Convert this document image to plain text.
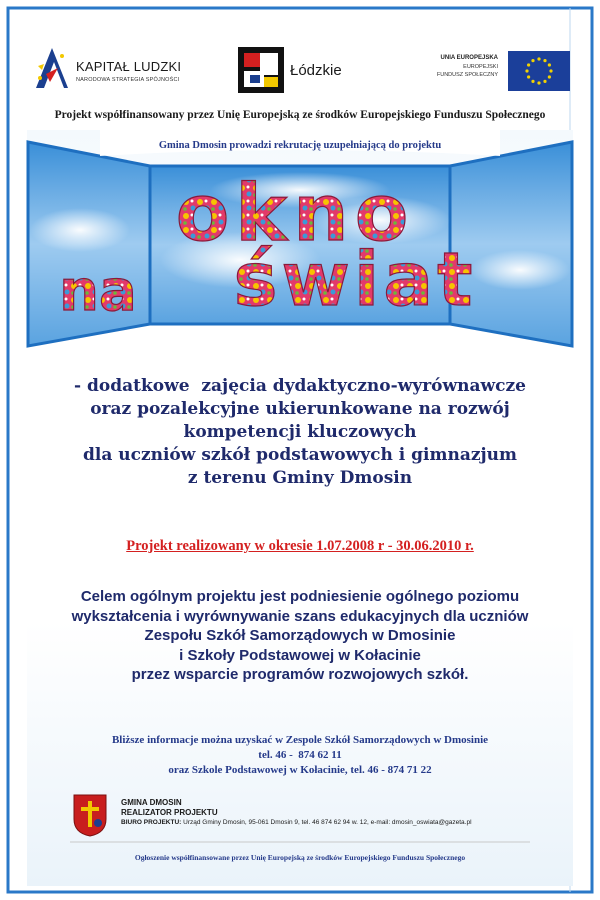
KAPITAŁ LUDZKI
NARODOWA STRATEGIA SPÓJNOŚCI
Łódzkie
UNIA EUROPEJSKA
EUROPEJSKI
FUNDUSZ SPOŁECZNY
Projekt współfinansowany przez Unię Europejską ze środków Europejskiego Funduszu Społecznego
Gmina Dmosin prowadzi rekrutację uzupełniającą do projektu
okno
na świat
- dodatkowe  zajęcia dydaktyczno-wyrównawcze
oraz pozalekcyjne ukierunkowane na rozwój
kompetencji kluczowych
dla uczniów szkół podstawowych i gimnazjum
z terenu Gminy Dmosin
Projekt realizowany w okresie 1.07.2008 r - 30.06.2010 r.
Celem ogólnym projektu jest podniesienie ogólnego poziomu
wykształcenia i wyrównywanie szans edukacyjnych dla uczniów
Zespołu Szkół Samorządowych w Dmosinie
i Szkoły Podstawowej w Kołacinie
przez wsparcie programów rozwojowych szkół.
Bliższe informacje można uzyskać w Zespole Szkół Samorządowych w Dmosinie
tel. 46 -  874 62 11
oraz Szkole Podstawowej w Kołacinie, tel. 46 - 874 71 22
GMINA DMOSIN
REALIZATOR PROJEKTU
BIURO PROJEKTU: Urząd Gminy Dmosin, 95-061 Dmosin 9, tel. 46 874 62 94 w. 12, e-mail: dmosin_oswiata@gazeta.pl
Ogłoszenie współfinansowane przez Unię Europejską ze środków Europejskiego Funduszu Społecznego
